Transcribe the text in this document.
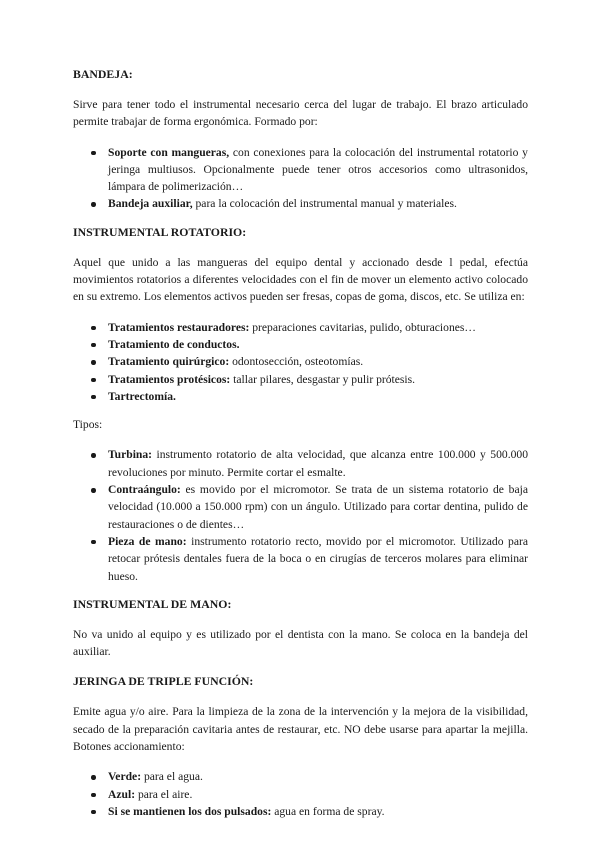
BANDEJA:

Sirve para tener todo el instrumental necesario cerca del lugar de trabajo. El brazo articulado permite trabajar de forma ergonómica. Formado por:

Soporte con mangueras, con conexiones para la colocación del instrumental rotatorio y jeringa multiusos. Opcionalmente puede tener otros accesorios como ultrasonidos, lámpara de polimerización…
Bandeja auxiliar, para la colocación del instrumental manual y materiales.
INSTRUMENTAL ROTATORIO:

Aquel que unido a las mangueras del equipo dental y accionado desde l pedal, efectúa movimientos rotatorios a diferentes velocidades con el fin de mover un elemento activo colocado en su extremo. Los elementos activos pueden ser fresas, copas de goma, discos, etc. Se utiliza en:

Tratamientos restauradores: preparaciones cavitarias, pulido, obturaciones…
Tratamiento de conductos.
Tratamiento quirúrgico: odontosección, osteotomías.
Tratamientos protésicos: tallar pilares, desgastar y pulir prótesis.
Tartrectomía.

Tipos:

Turbina: instrumento rotatorio de alta velocidad, que alcanza entre 100.000 y 500.000 revoluciones por minuto. Permite cortar el esmalte.
Contraángulo: es movido por el micromotor. Se trata de un sistema rotatorio de baja velocidad (10.000 a 150.000 rpm) con un ángulo. Utilizado para cortar dentina, pulido de restauraciones o de dientes…
Pieza de mano: instrumento rotatorio recto, movido por el micromotor. Utilizado para retocar prótesis dentales fuera de la boca o en cirugías de terceros molares para eliminar hueso.
INSTRUMENTAL DE MANO:

No va unido al equipo y es utilizado por el dentista con la mano. Se coloca en la bandeja del auxiliar.

JERINGA DE TRIPLE FUNCIÓN:

Emite agua y/o aire. Para la limpieza de la zona de la intervención y la mejora de la visibilidad, secado de la preparación cavitaria antes de restaurar, etc. NO debe usarse para apartar la mejilla. Botones accionamiento:

Verde: para el agua.
Azul: para el aire.
Si se mantienen los dos pulsados: agua en forma de spray.
